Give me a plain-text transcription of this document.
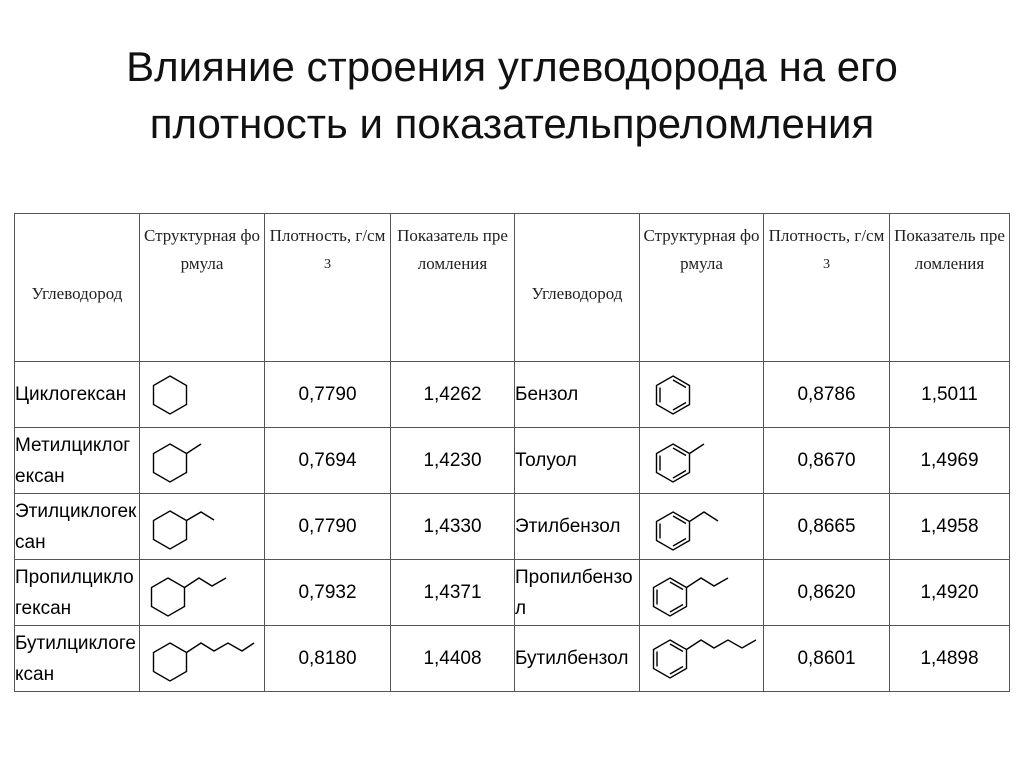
Влияние строения углеводорода на его
плотность и показательпреломления
Углеводород	Структурная формула	Плотность, $г/см^3$	Показатель преломления	Углеводород	Структурная формула	Плотность, $г/см^3$	Показатель преломления
Циклогексан		0,7790	1,4262	Бензол		0,8786	1,5011
Метилциклогексан		0,7694	1,4230	Толуол		0,8670	1,4969
Этилциклогексан		0,7790	1,4330	Этилбензол		0,8665	1,4958
Пропилциклогексан		0,7932	1,4371	Пропилбензол		0,8620	1,4920
Бутилциклогексан		0,8180	1,4408	Бутилбензол		0,8601	1,4898
